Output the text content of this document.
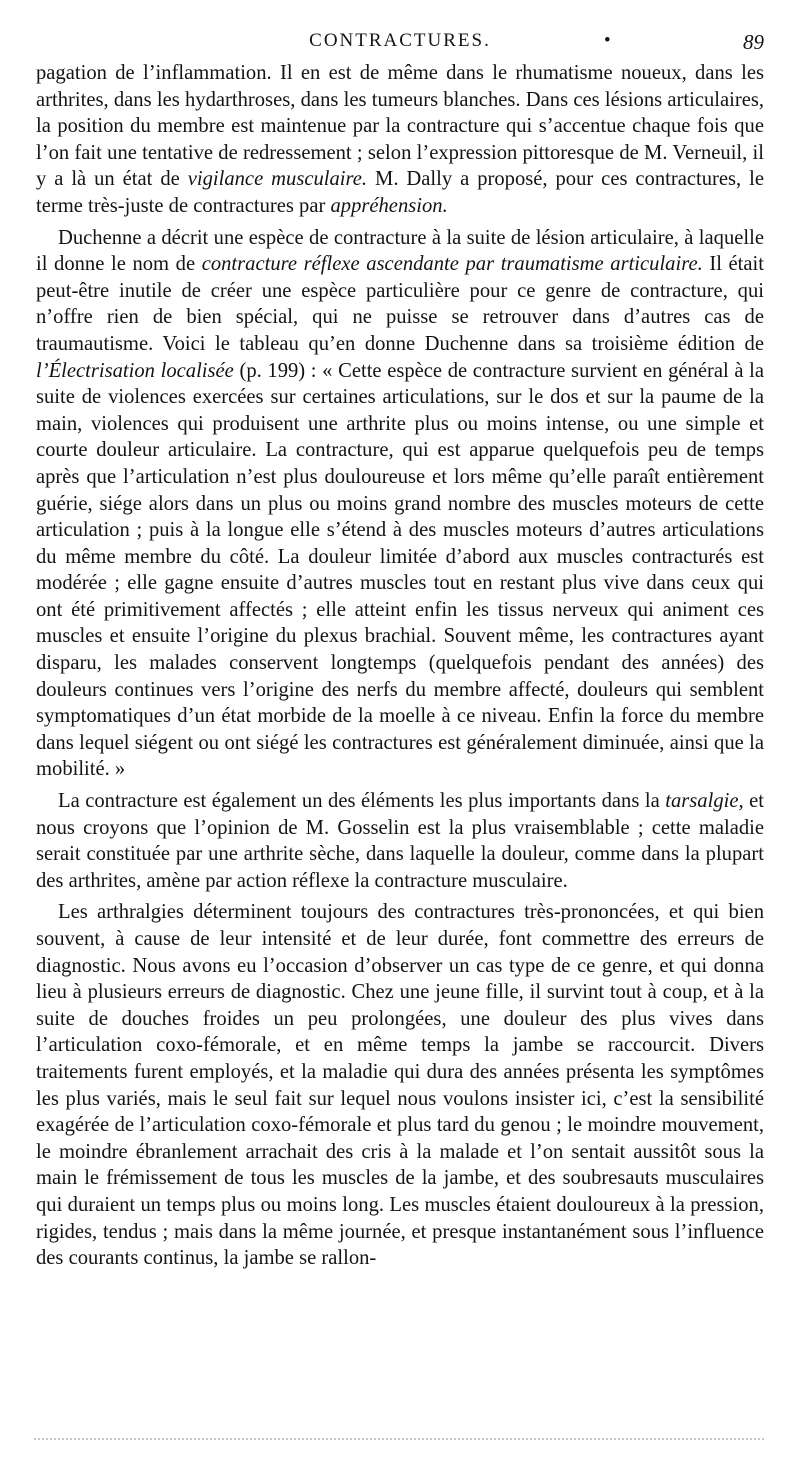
CONTRACTURES.	•	89

pagation de l’inflammation. Il en est de même dans le rhumatisme noueux, dans les arthrites, dans les hydarthroses, dans les tumeurs blanches. Dans ces lésions articulaires, la position du membre est maintenue par la contracture qui s’accentue chaque fois que l’on fait une tentative de redressement ; selon l’expression pittoresque de M. Verneuil, il y a là un état de vigilance musculaire. M. Dally a proposé, pour ces contractures, le terme très-juste de contractures par appréhension.

Duchenne a décrit une espèce de contracture à la suite de lésion articulaire, à laquelle il donne le nom de contracture réflexe ascendante par traumatisme articulaire. Il était peut-être inutile de créer une espèce particulière pour ce genre de contracture, qui n’offre rien de bien spécial, qui ne puisse se retrouver dans d’autres cas de traumautisme. Voici le tableau qu’en donne Duchenne dans sa troisième édition de l’Électrisation localisée (p. 199) : « Cette espèce de contracture survient en général à la suite de violences exercées sur certaines articulations, sur le dos et sur la paume de la main, violences qui produisent une arthrite plus ou moins intense, ou une simple et courte douleur articulaire. La contracture, qui est apparue quelquefois peu de temps après que l’articulation n’est plus douloureuse et lors même qu’elle paraît entièrement guérie, siége alors dans un plus ou moins grand nombre des muscles moteurs de cette articulation ; puis à la longue elle s’étend à des muscles moteurs d’autres articulations du même membre du côté. La douleur limitée d’abord aux muscles contracturés est modérée ; elle gagne ensuite d’autres muscles tout en restant plus vive dans ceux qui ont été primitivement affectés ; elle atteint enfin les tissus nerveux qui animent ces muscles et ensuite l’origine du plexus brachial. Souvent même, les contractures ayant disparu, les malades conservent longtemps (quelquefois pendant des années) des douleurs continues vers l’origine des nerfs du membre affecté, douleurs qui semblent symptomatiques d’un état morbide de la moelle à ce niveau. Enfin la force du membre dans lequel siégent ou ont siégé les contractures est généralement diminuée, ainsi que la mobilité. »

La contracture est également un des éléments les plus importants dans la tarsalgie, et nous croyons que l’opinion de M. Gosselin est la plus vraisemblable ; cette maladie serait constituée par une arthrite sèche, dans laquelle la douleur, comme dans la plupart des arthrites, amène par action réflexe la contracture musculaire.

Les arthralgies déterminent toujours des contractures très-prononcées, et qui bien souvent, à cause de leur intensité et de leur durée, font commettre des erreurs de diagnostic. Nous avons eu l’occasion d’observer un cas type de ce genre, et qui donna lieu à plusieurs erreurs de diagnostic. Chez une jeune fille, il survint tout à coup, et à la suite de douches froides un peu prolongées, une douleur des plus vives dans l’articulation coxo-fémorale, et en même temps la jambe se raccourcit. Divers traitements furent employés, et la maladie qui dura des années présenta les symptômes les plus variés, mais le seul fait sur lequel nous voulons insister ici, c’est la sensibilité exagérée de l’articulation coxo-fémorale et plus tard du genou ; le moindre mouvement, le moindre ébranlement arrachait des cris à la malade et l’on sentait aussitôt sous la main le frémissement de tous les muscles de la jambe, et des soubresauts musculaires qui duraient un temps plus ou moins long. Les muscles étaient douloureux à la pression, rigides, tendus ; mais dans la même journée, et presque instantanément sous l’influence des courants continus, la jambe se rallon-
